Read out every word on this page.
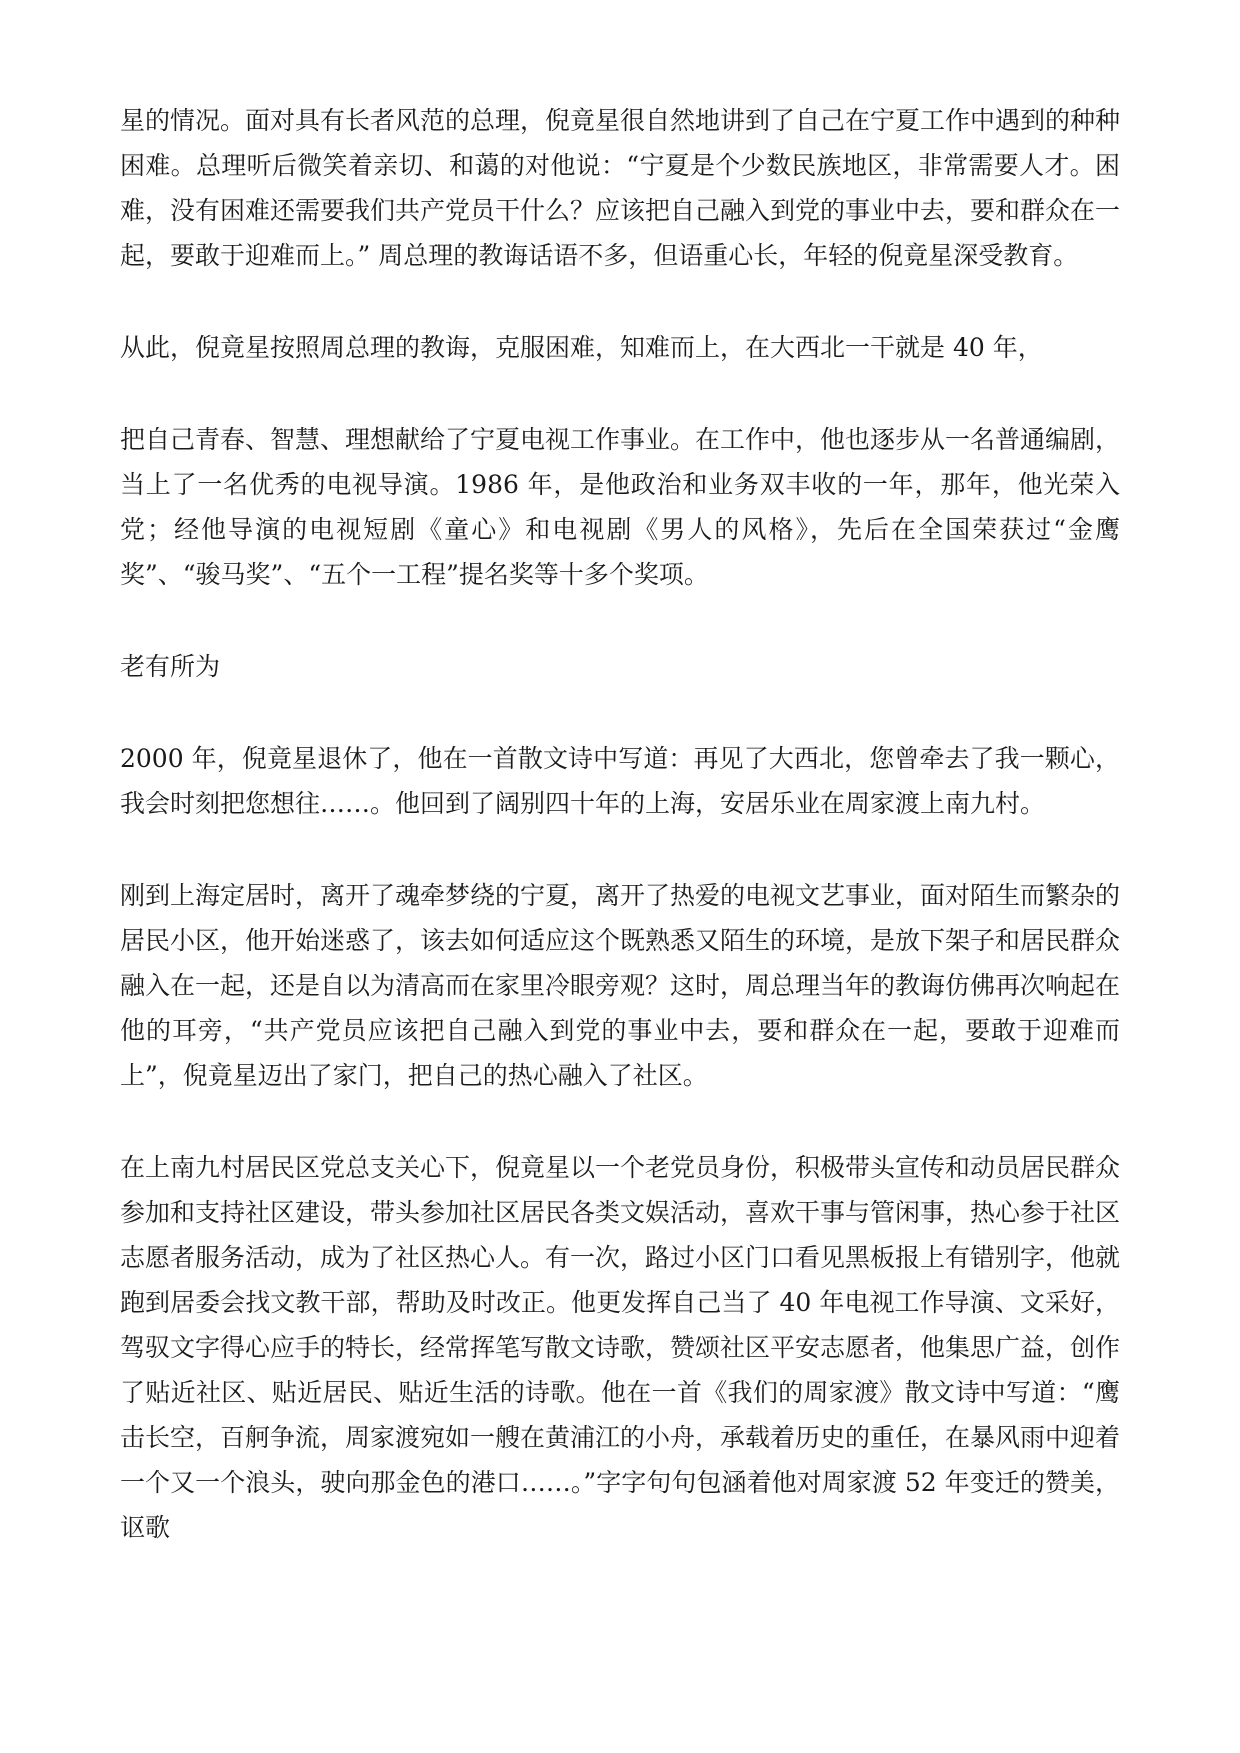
星的情况。面对具有长者风范的总理，倪竟星很自然地讲到了自己在宁夏工作中遇到的种种困难。总理听后微笑着亲切、和蔼的对他说：“宁夏是个少数民族地区，非常需要人才。困难，没有困难还需要我们共产党员干什么？应该把自己融入到党的事业中去，要和群众在一起，要敢于迎难而上。” 周总理的教诲话语不多，但语重心长，年轻的倪竟星深受教育。

从此，倪竟星按照周总理的教诲，克服困难，知难而上，在大西北一干就是 40 年，

把自己青春、智慧、理想献给了宁夏电视工作事业。在工作中，他也逐步从一名普通编剧，当上了一名优秀的电视导演。1986 年，是他政治和业务双丰收的一年，那年，他光荣入党；经他导演的电视短剧《童心》和电视剧《男人的风格》，先后在全国荣获过“金鹰奖”、“骏马奖”、“五个一工程”提名奖等十多个奖项。

老有所为

2000 年，倪竟星退休了，他在一首散文诗中写道：再见了大西北，您曾牵去了我一颗心，我会时刻把您想往……。他回到了阔别四十年的上海，安居乐业在周家渡上南九村。

刚到上海定居时，离开了魂牵梦绕的宁夏，离开了热爱的电视文艺事业，面对陌生而繁杂的居民小区，他开始迷惑了，该去如何适应这个既熟悉又陌生的环境，是放下架子和居民群众融入在一起，还是自以为清高而在家里冷眼旁观？这时，周总理当年的教诲仿佛再次响起在他的耳旁，“共产党员应该把自己融入到党的事业中去，要和群众在一起，要敢于迎难而上”，倪竟星迈出了家门，把自己的热心融入了社区。

在上南九村居民区党总支关心下，倪竟星以一个老党员身份，积极带头宣传和动员居民群众参加和支持社区建设，带头参加社区居民各类文娱活动，喜欢干事与管闲事，热心参于社区志愿者服务活动，成为了社区热心人。有一次，路过小区门口看见黑板报上有错别字，他就跑到居委会找文教干部，帮助及时改正。他更发挥自己当了 40 年电视工作导演、文采好，驾驭文字得心应手的特长，经常挥笔写散文诗歌，赞颂社区平安志愿者，他集思广益，创作了贴近社区、贴近居民、贴近生活的诗歌。他在一首《我们的周家渡》散文诗中写道：“鹰击长空，百舸争流，周家渡宛如一艘在黄浦江的小舟，承载着历史的重任，在暴风雨中迎着一个又一个浪头，驶向那金色的港口……。”字字句句包涵着他对周家渡 52 年变迁的赞美，讴歌
